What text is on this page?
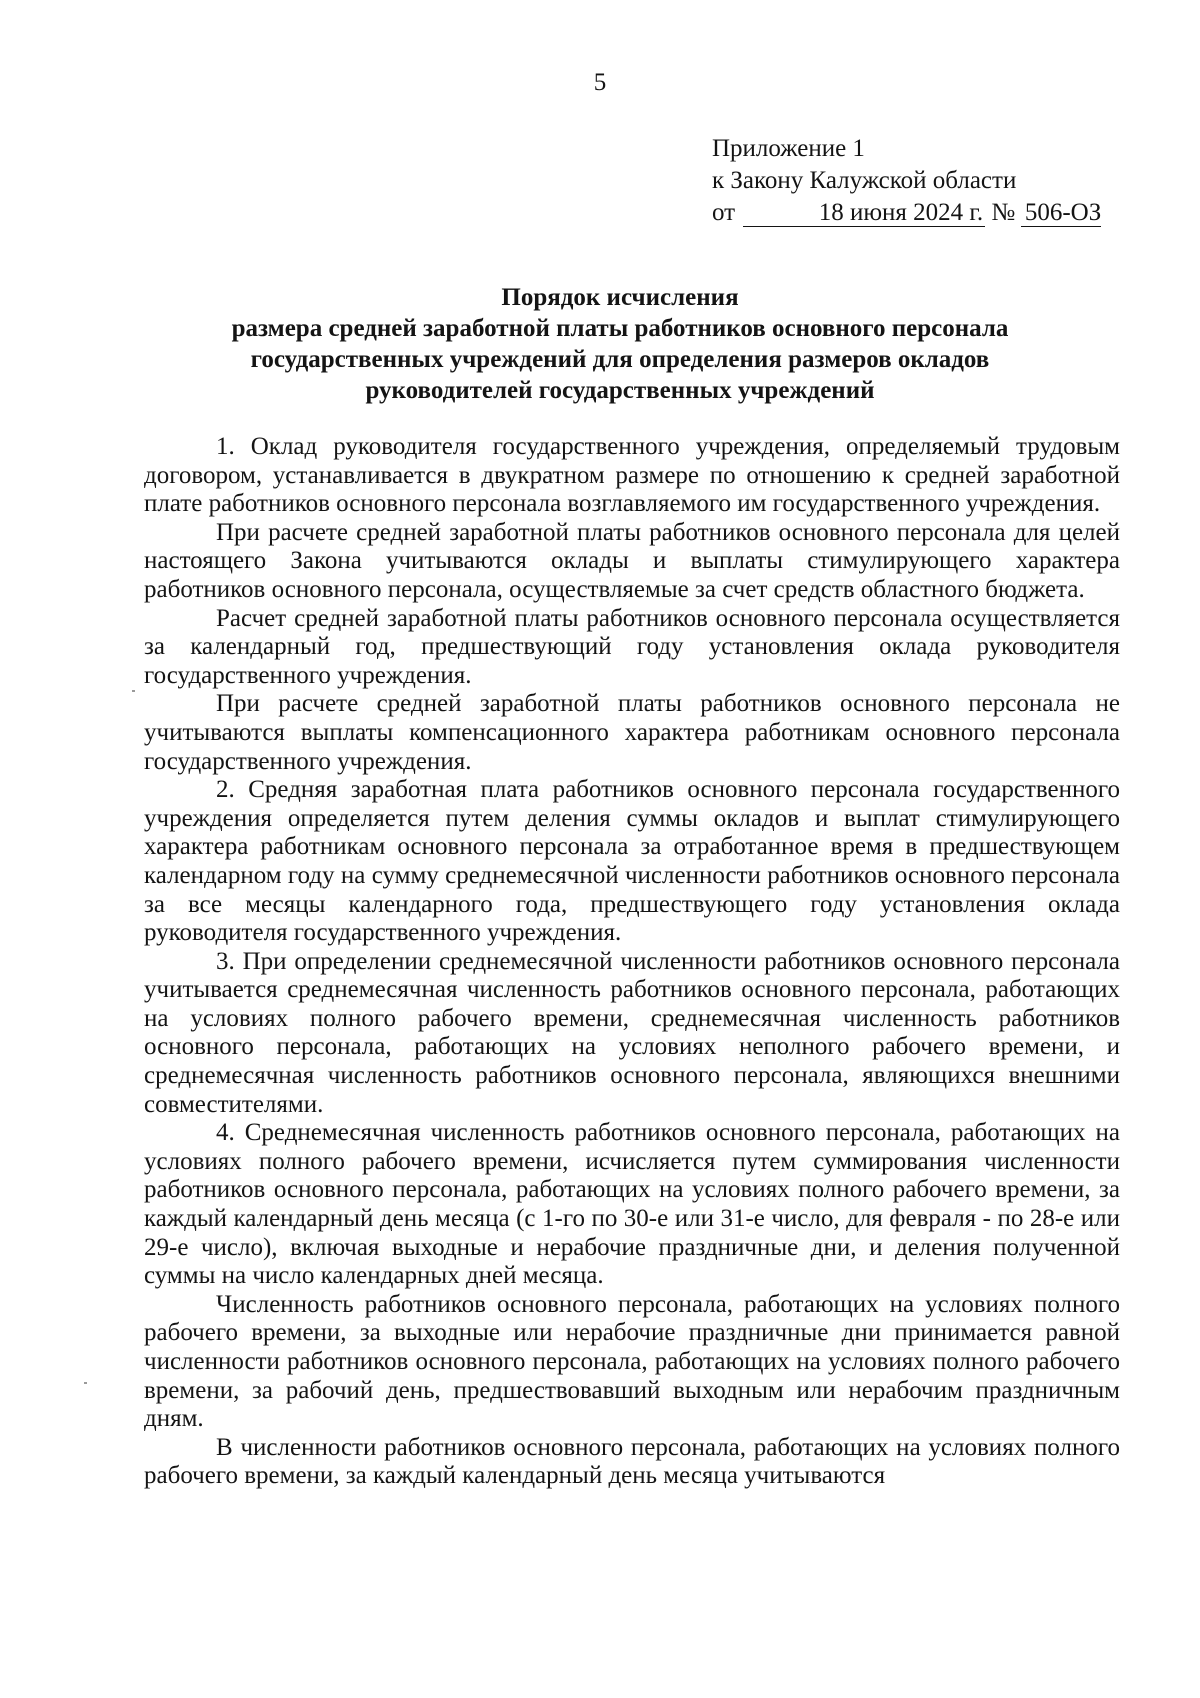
5
Приложение 1
к Закону Калужской области
от	18 июня 2024 г. № 506-ОЗ
Порядок исчисления
размера средней заработной платы работников основного персонала
государственных учреждений для определения размеров окладов
руководителей государственных учреждений

1. Оклад руководителя государственного учреждения, определяемый трудовым договором, устанавливается в двукратном размере по отношению к средней заработной плате работников основного персонала возглавляемого им государственного учреждения.

При расчете средней заработной платы работников основного персонала для целей настоящего Закона учитываются оклады и выплаты стимулирующего характера работников основного персонала, осуществляемые за счет средств областного бюджета.

Расчет средней заработной платы работников основного персонала осуществляется за календарный год, предшествующий году установления оклада руководителя государственного учреждения.

При расчете средней заработной платы работников основного персонала не учитываются выплаты компенсационного характера работникам основного персонала государственного учреждения.

2. Средняя заработная плата работников основного персонала государственного учреждения определяется путем деления суммы окладов и выплат стимулирующего характера работникам основного персонала за отработанное время в предшествующем календарном году на сумму среднемесячной численности работников основного персонала за все месяцы календарного года, предшествующего году установления оклада руководителя государственного учреждения.

3. При определении среднемесячной численности работников основного персонала учитывается среднемесячная численность работников основного персонала, работающих на условиях полного рабочего времени, среднемесячная численность работников основного персонала, работающих на условиях неполного рабочего времени, и среднемесячная численность работников основного персонала, являющихся внешними совместителями.

4. Среднемесячная численность работников основного персонала, работающих на условиях полного рабочего времени, исчисляется путем суммирования численности работников основного персонала, работающих на условиях полного рабочего времени, за каждый календарный день месяца (с 1-го по 30-е или 31-е число, для февраля - по 28-е или 29-е число), включая выходные и нерабочие праздничные дни, и деления полученной суммы на число календарных дней месяца.

Численность работников основного персонала, работающих на условиях полного рабочего времени, за выходные или нерабочие праздничные дни принимается равной численности работников основного персонала, работающих на условиях полного рабочего времени, за рабочий день, предшествовавший выходным или нерабочим праздничным дням.

В численности работников основного персонала, работающих на условиях полного рабочего времени, за каждый календарный день месяца учитываются
